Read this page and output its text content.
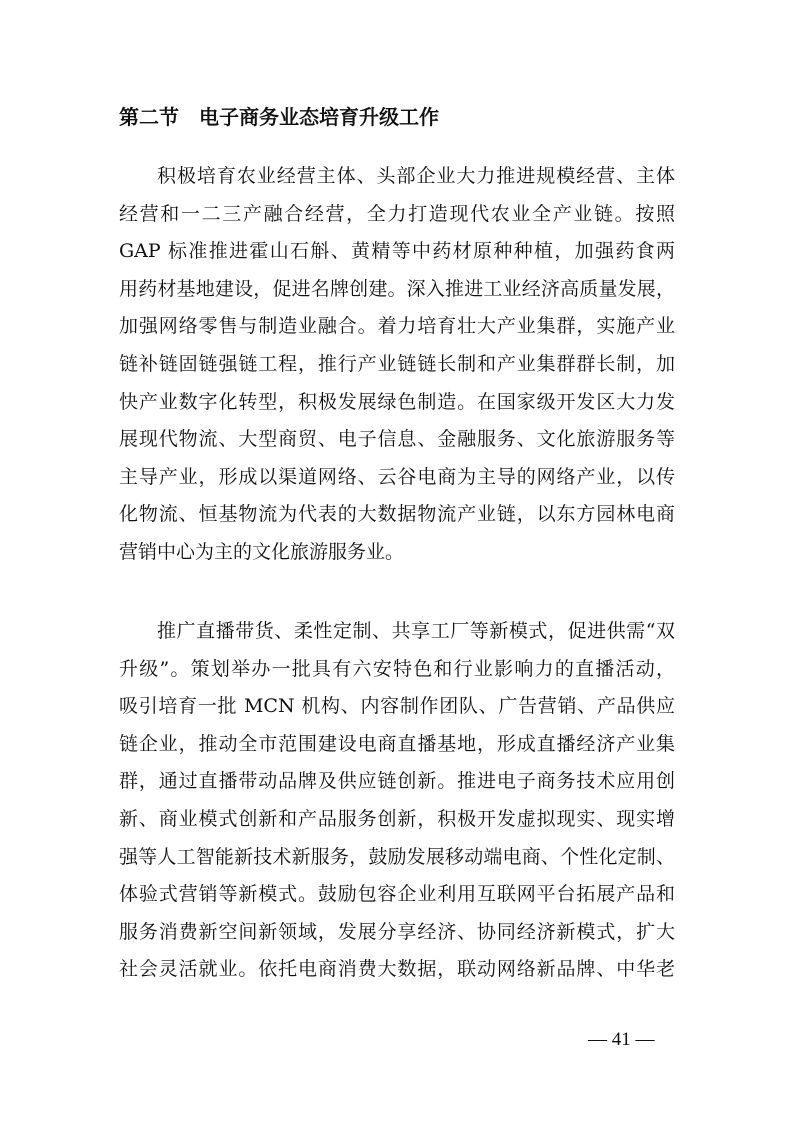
第二节　电子商务业态培育升级工作
积极培育农业经营主体、头部企业大力推进规模经营、主体
经营和一二三产融合经营，全力打造现代农业全产业链。按照
GAP 标准推进霍山石斛、黄精等中药材原种种植，加强药食两
用药材基地建设，促进名牌创建。深入推进工业经济高质量发展，
加强网络零售与制造业融合。着力培育壮大产业集群，实施产业
链补链固链强链工程，推行产业链链长制和产业集群群长制，加
快产业数字化转型，积极发展绿色制造。在国家级开发区大力发
展现代物流、大型商贸、电子信息、金融服务、文化旅游服务等
主导产业，形成以渠道网络、云谷电商为主导的网络产业，以传
化物流、恒基物流为代表的大数据物流产业链，以东方园林电商
营销中心为主的文化旅游服务业。
推广直播带货、柔性定制、共享工厂等新模式，促进供需“双
升级”。策划举办一批具有六安特色和行业影响力的直播活动，
吸引培育一批 MCN 机构、内容制作团队、广告营销、产品供应
链企业，推动全市范围建设电商直播基地，形成直播经济产业集
群，通过直播带动品牌及供应链创新。推进电子商务技术应用创
新、商业模式创新和产品服务创新，积极开发虚拟现实、现实增
强等人工智能新技术新服务，鼓励发展移动端电商、个性化定制、
体验式营销等新模式。鼓励包容企业利用互联网平台拓展产品和
服务消费新空间新领域，发展分享经济、协同经济新模式，扩大
社会灵活就业。依托电商消费大数据，联动网络新品牌、中华老
— 41 —
